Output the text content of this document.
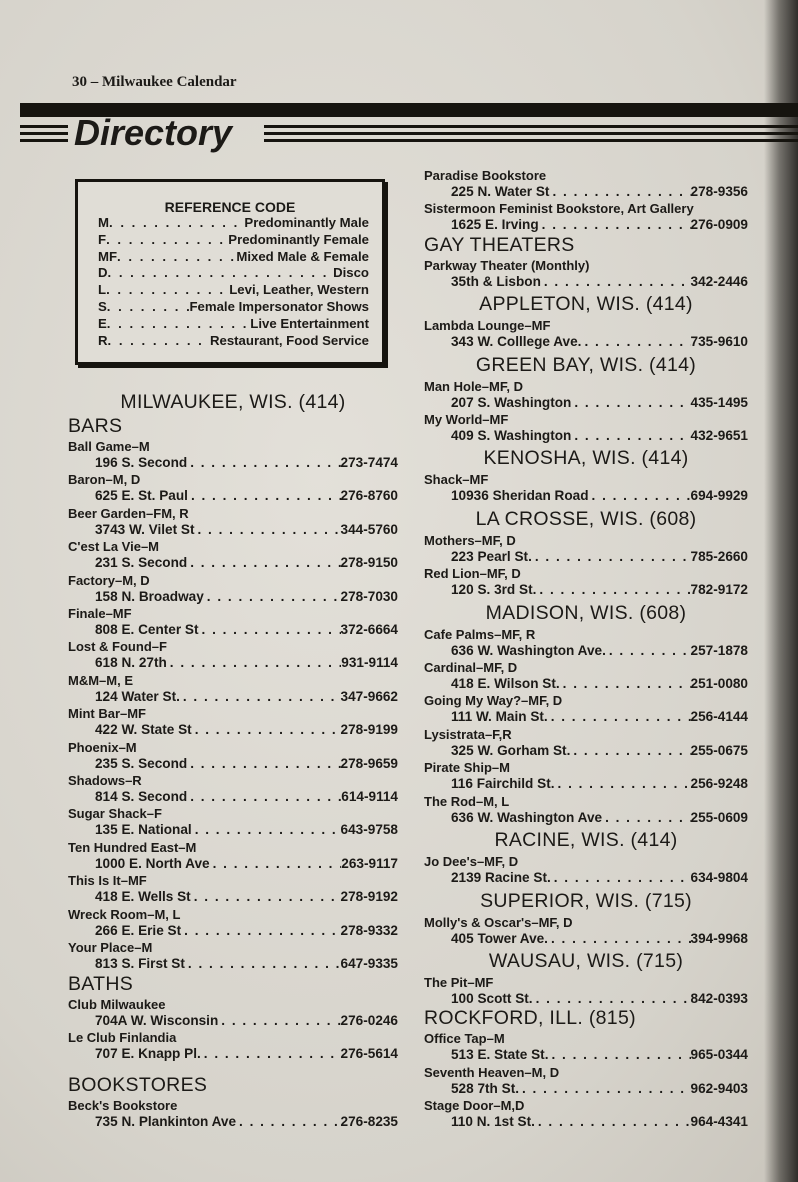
30 – Milwaukee Calendar
Directory
REFERENCE CODE
M . . .	Predominantly Male
F . . .	Predominantly Female
MF . . .	Mixed Male & Female
D . . .	Disco
L . . .	Levi, Leather, Western
S . . .	Female Impersonator Shows
E . . .	Live Entertainment
R . . .	Restaurant, Food Service
MILWAUKEE, WIS. (414)
BARS
Ball Game–M
196 S. Second . . .	273-7474
Baron–M, D
625 E. St. Paul . . .	276-8760
Beer Garden–FM, R
3743 W. Vilet St . . .	344-5760
C'est La Vie–M
231 S. Second . . .	278-9150
Factory–M, D
158 N. Broadway . . .	278-7030
Finale–MF
808 E. Center St . . .	372-6664
Lost & Found–F
618 N. 27th . . .	931-9114
M&M–M, E
124 Water St. . . .	347-9662
Mint Bar–MF
422 W. State St . . .	278-9199
Phoenix–M
235 S. Second . . .	278-9659
Shadows–R
814 S. Second . . .	614-9114
Sugar Shack–F
135 E. National . . .	643-9758
Ten Hundred East–M
1000 E. North Ave . . .	263-9117
This Is It–MF
418 E. Wells St . . .	278-9192
Wreck Room–M, L
266 E. Erie St . . .	278-9332
Your Place–M
813 S. First St . . .	647-9335
BATHS
Club Milwaukee
704A W. Wisconsin . . .	276-0246
Le Club Finlandia
707 E. Knapp Pl. . . .	276-5614
BOOKSTORES
Beck's Bookstore
735 N. Plankinton Ave . . .	276-8235
Paradise Bookstore
225 N. Water St . . .	278-9356
Sistermoon Feminist Bookstore, Art Gallery
1625 E. Irving . . .	276-0909
GAY THEATERS
Parkway Theater (Monthly)
35th & Lisbon . . .	342-2446
APPLETON, WIS. (414)
Lambda Lounge–MF
343 W. Colllege Ave. . . .	735-9610
GREEN BAY, WIS. (414)
Man Hole–MF, D
207 S. Washington . . .	435-1495
My World–MF
409 S. Washington . . .	432-9651
KENOSHA, WIS. (414)
Shack–MF
10936 Sheridan Road . . .	694-9929
LA CROSSE, WIS. (608)
Mothers–MF, D
223 Pearl St. . . .	785-2660
Red Lion–MF, D
120 S. 3rd St. . . .	782-9172
MADISON, WIS. (608)
Cafe Palms–MF, R
636 W. Washington Ave. . . .	257-1878
Cardinal–MF, D
418 E. Wilson St. . . .	251-0080
Going My Way?–MF, D
111 W. Main St. . . .	256-4144
Lysistrata–F,R
325 W. Gorham St. . . .	255-0675
Pirate Ship–M
116 Fairchild St. . . .	256-9248
The Rod–M, L
636 W. Washington Ave . . .	255-0609
RACINE, WIS. (414)
Jo Dee's–MF, D
2139 Racine St. . . .	634-9804
SUPERIOR, WIS. (715)
Molly's & Oscar's–MF, D
405 Tower Ave. . . .	394-9968
WAUSAU, WIS. (715)
The Pit–MF
100 Scott St. . . .	842-0393
ROCKFORD, ILL. (815)
Office Tap–M
513 E. State St. . . .	965-0344
Seventh Heaven–M, D
528 7th St. . . .	962-9403
Stage Door–M,D
110 N. 1st St. . . .	964-4341
